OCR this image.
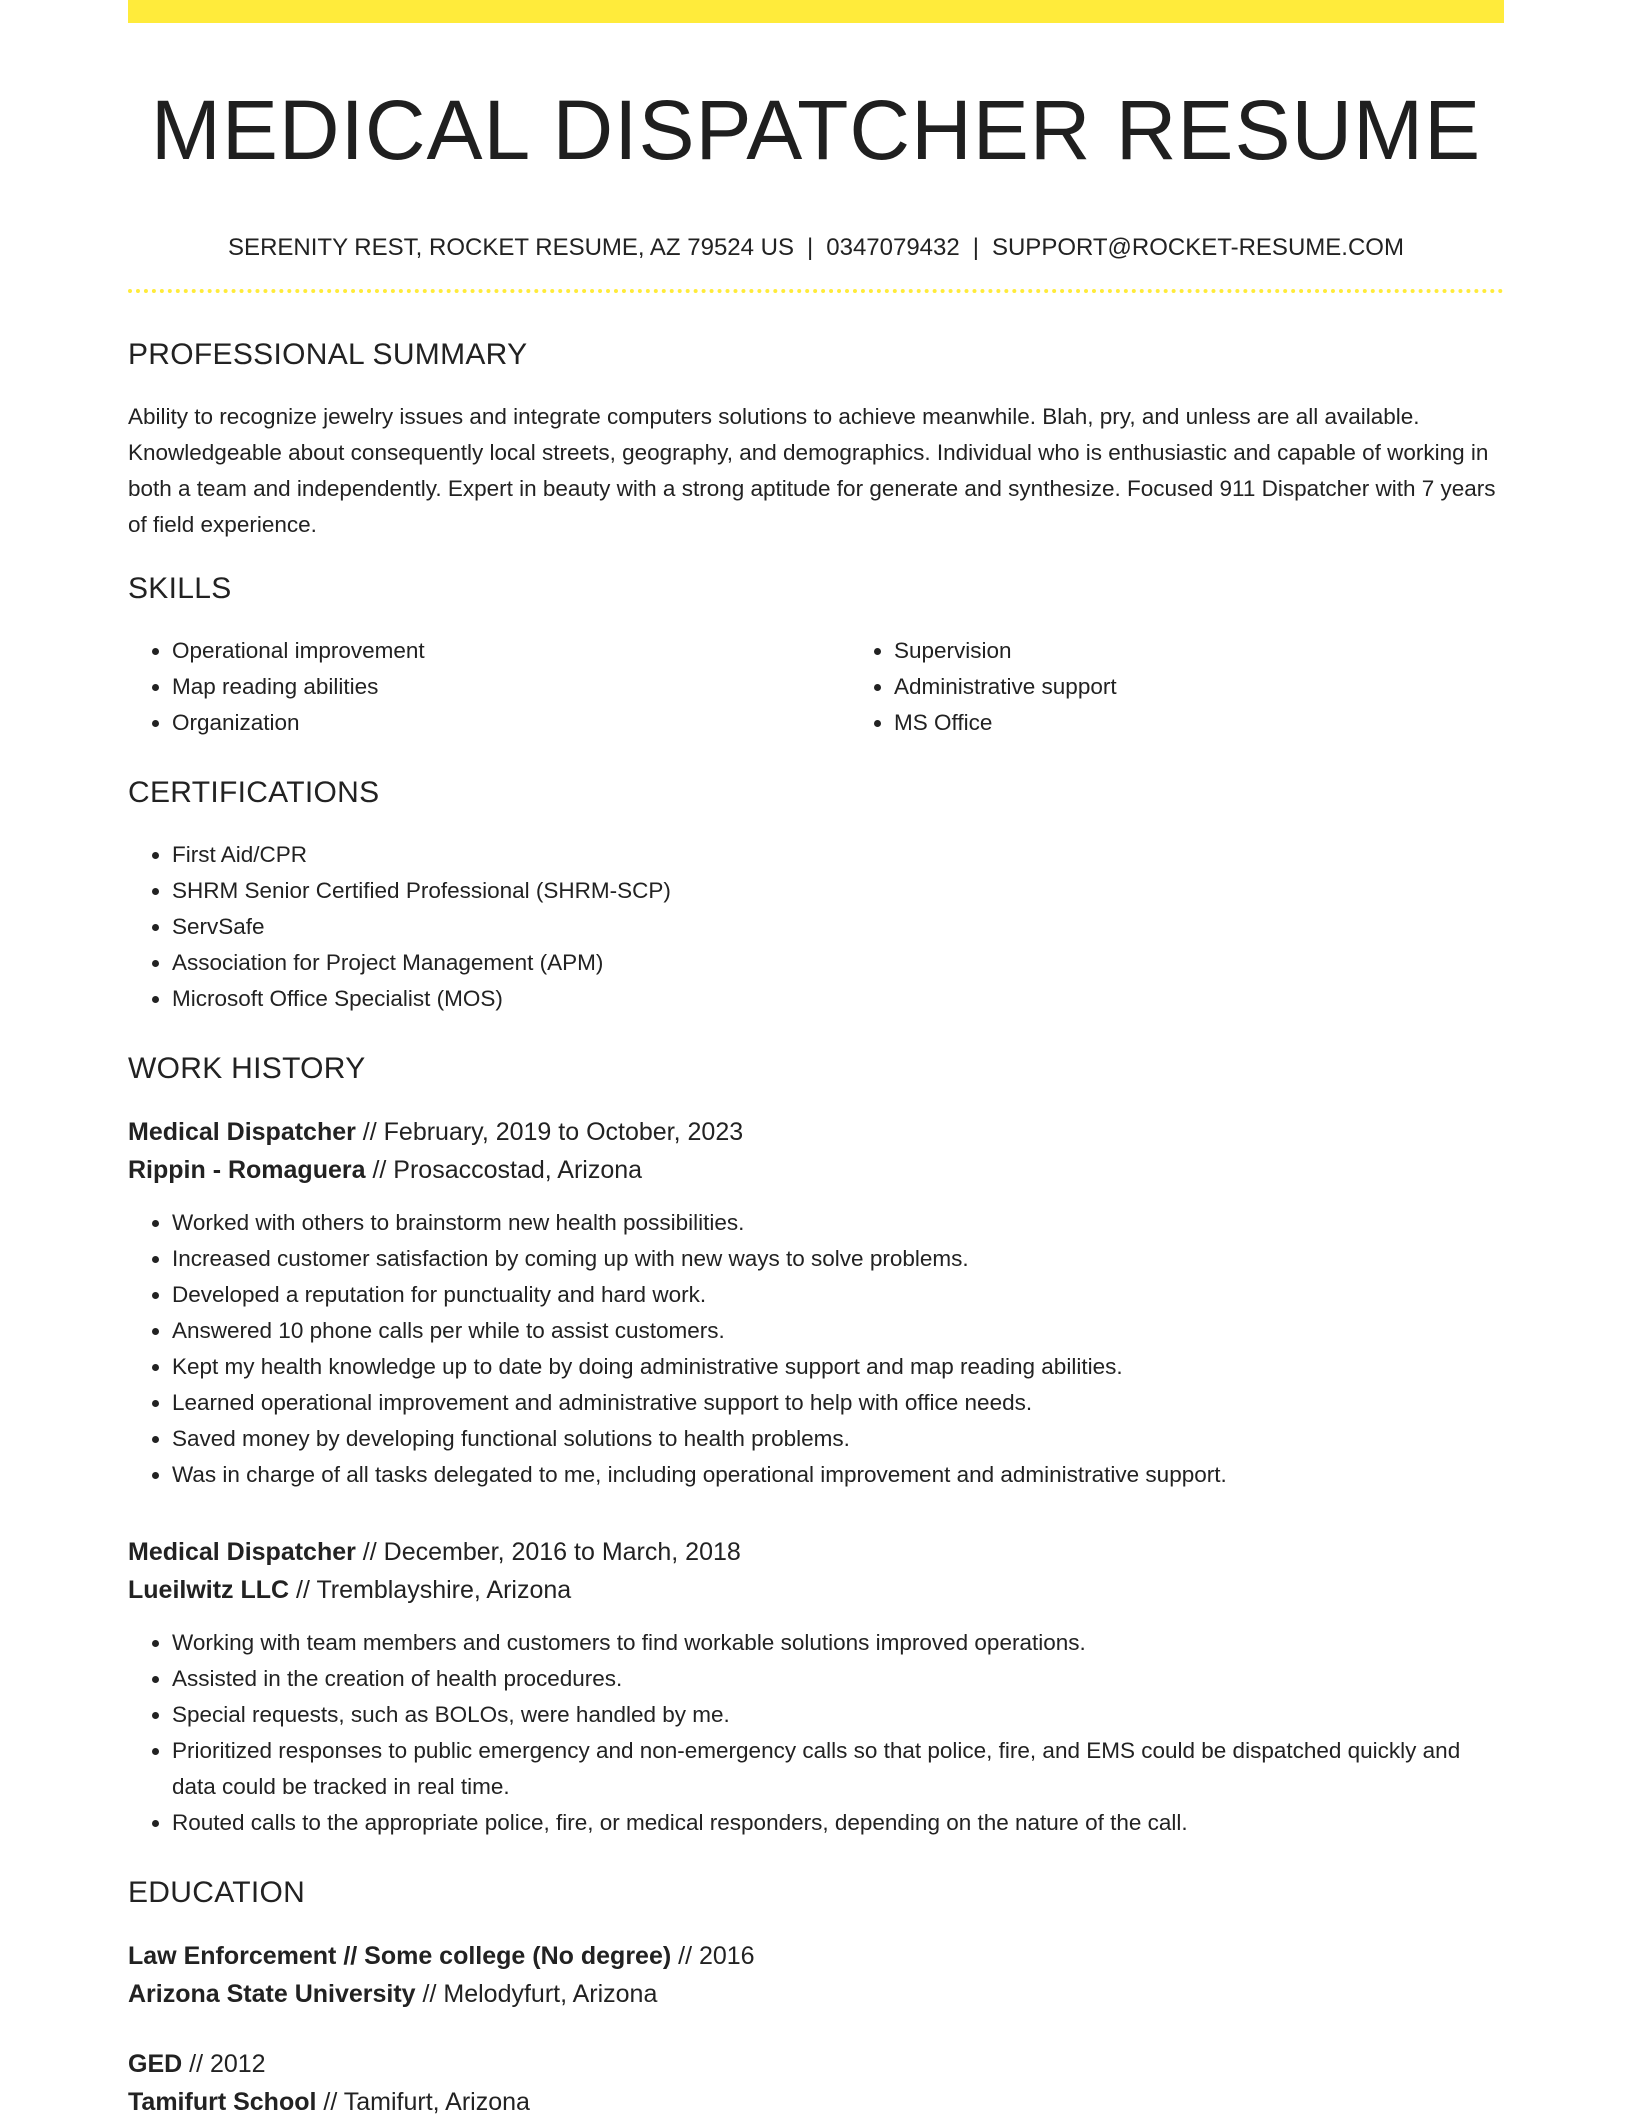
MEDICAL DISPATCHER RESUME
SERENITY REST, ROCKET RESUME, AZ 79524 US | 0347079432 | SUPPORT@ROCKET-RESUME.COM
PROFESSIONAL SUMMARY

Ability to recognize jewelry issues and integrate computers solutions to achieve meanwhile. Blah, pry, and unless are all available. Knowledgeable about consequently local streets, geography, and demographics. Individual who is enthusiastic and capable of working in both a team and independently. Expert in beauty with a strong aptitude for generate and synthesize. Focused 911 Dispatcher with 7 years of field experience.

SKILLS
• Operational improvement
• Map reading abilities
• Organization
• Supervision
• Administrative support
• MS Office
CERTIFICATIONS
• First Aid/CPR
• SHRM Senior Certified Professional (SHRM-SCP)
• ServSafe
• Association for Project Management (APM)
• Microsoft Office Specialist (MOS)
WORK HISTORY
Medical Dispatcher // February, 2019 to October, 2023
Rippin - Romaguera // Prosaccostad, Arizona
• Worked with others to brainstorm new health possibilities.
• Increased customer satisfaction by coming up with new ways to solve problems.
• Developed a reputation for punctuality and hard work.
• Answered 10 phone calls per while to assist customers.
• Kept my health knowledge up to date by doing administrative support and map reading abilities.
• Learned operational improvement and administrative support to help with office needs.
• Saved money by developing functional solutions to health problems.
• Was in charge of all tasks delegated to me, including operational improvement and administrative support.
Medical Dispatcher // December, 2016 to March, 2018
Lueilwitz LLC // Tremblayshire, Arizona
• Working with team members and customers to find workable solutions improved operations.
• Assisted in the creation of health procedures.
• Special requests, such as BOLOs, were handled by me.
• Prioritized responses to public emergency and non-emergency calls so that police, fire, and EMS could be dispatched quickly and data could be tracked in real time.
• Routed calls to the appropriate police, fire, or medical responders, depending on the nature of the call.
EDUCATION
Law Enforcement // Some college (No degree) // 2016
Arizona State University // Melodyfurt, Arizona
GED // 2012
Tamifurt School // Tamifurt, Arizona
